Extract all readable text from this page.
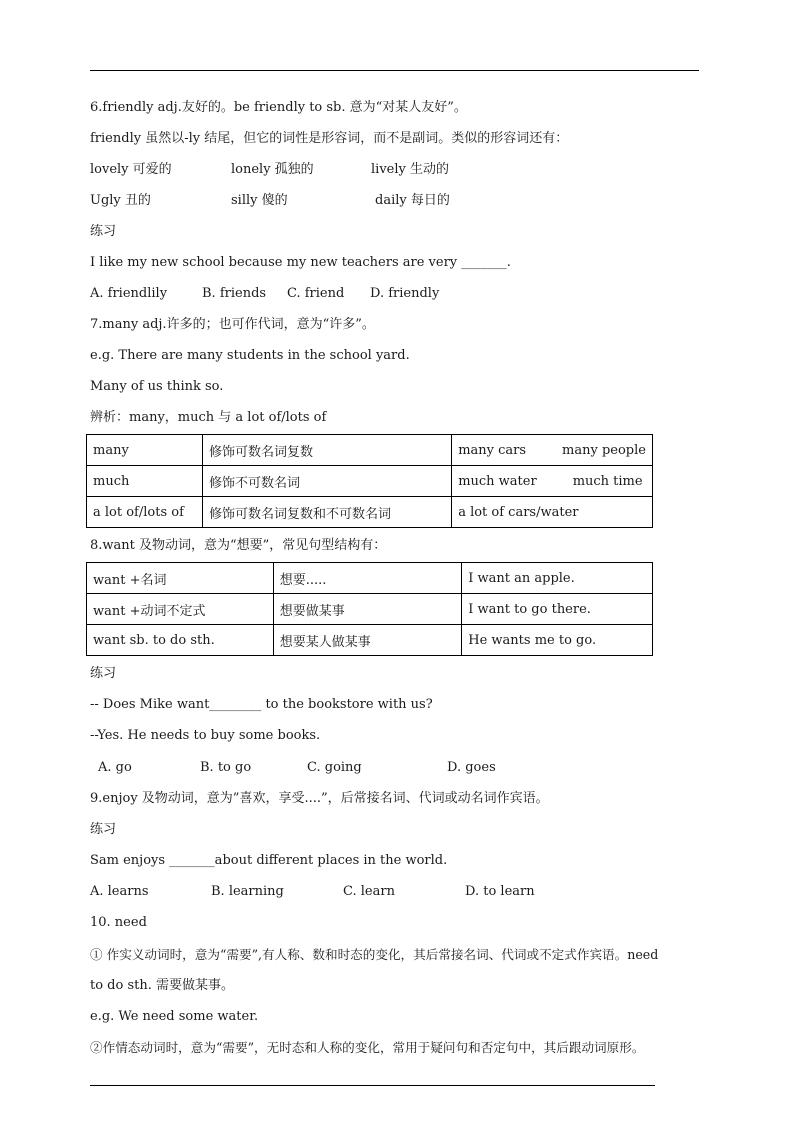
6.friendly adj.友好的。be friendly to sb. 意为“对某人友好”。
friendly 虽然以-ly 结尾，但它的词性是形容词，而不是副词。类似的形容词还有：
lovely 可爱的	lonely 孤独的	lively 生动的
Ugly 丑的	silly 傻的	daily 每日的
练习
I like my new school because my new teachers are very _______.
A. friendlily	B. friends C. friend D. friendly
7.many adj.许多的；也可作代词，意为“许多”。
e.g. There are many students in the school yard.
Many of us think so.
辨析：many，much 与 a lot of/lots of
many	修饰可数名词复数	many cars many people
much	修饰不可数名词	much water much time
a lot of/lots of	修饰可数名词复数和不可数名词	a lot of cars/water
8.want 及物动词，意为“想要”，常见句型结构有：
want +名词	想要.....	I want an apple.
want +动词不定式	想要做某事	I want to go there.
want sb. to do sth.	想要某人做某事	He wants me to go.
练习
-- Does Mike want________ to the bookstore with us?
--Yes. He needs to buy some books.
A. go	B. to go	C. going	D. goes
9.enjoy 及物动词，意为”喜欢，享受....”，后常接名词、代词或动名词作宾语。
练习
Sam enjoys _______about different places in the world.
A. learns	B. learning	C. learn	D. to learn
10. need
① 作实义动词时，意为“需要”,有人称、数和时态的变化，其后常接名词、代词或不定式作宾语。need
to do sth. 需要做某事。
e.g. We need some water.
②作情态动词时，意为“需要”，无时态和人称的变化，常用于疑问句和否定句中，其后跟动词原形。
